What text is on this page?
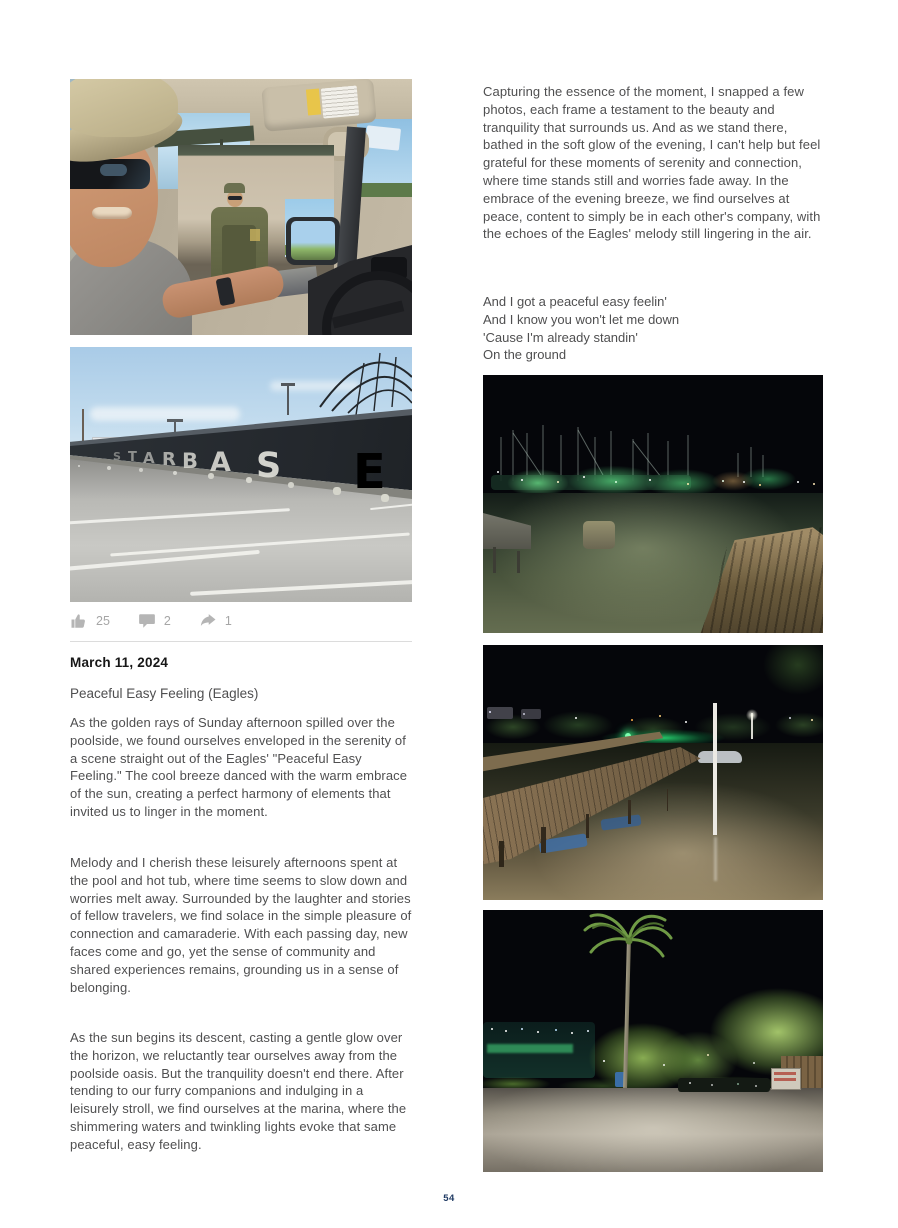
S T A R B A S E
25	2	1
March 11, 2024
Peaceful Easy Feeling (Eagles)

As the golden rays of Sunday afternoon spilled over the poolside, we found ourselves enveloped in the serenity of a scene straight out of the Eagles' "Peaceful Easy Feeling." The cool breeze danced with the warm embrace of the sun, creating a perfect harmony of elements that invited us to linger in the moment.

Melody and I cherish these leisurely afternoons spent at the pool and hot tub, where time seems to slow down and worries melt away. Surrounded by the laughter and stories of fellow travelers, we find solace in the simple pleasure of connection and camaraderie. With each passing day, new faces come and go, yet the sense of community and shared experiences remains, grounding us in a sense of belonging.

As the sun begins its descent, casting a gentle glow over the horizon, we reluctantly tear ourselves away from the poolside oasis. But the tranquility doesn't end there. After tending to our furry companions and indulging in a leisurely stroll, we find ourselves at the marina, where the shimmering waters and twinkling lights evoke that same peaceful, easy feeling.

Capturing the essence of the moment, I snapped a few photos, each frame a testament to the beauty and tranquility that surrounds us. And as we stand there, bathed in the soft glow of the evening, I can't help but feel grateful for these moments of serenity and connection, where time stands still and worries fade away. In the embrace of the evening breeze, we find ourselves at peace, content to simply be in each other's company, with the echoes of the Eagles' melody still lingering in the air.

And I got a peaceful easy feelin'
And I know you won't let me down
'Cause I'm already standin'
On the ground
54
